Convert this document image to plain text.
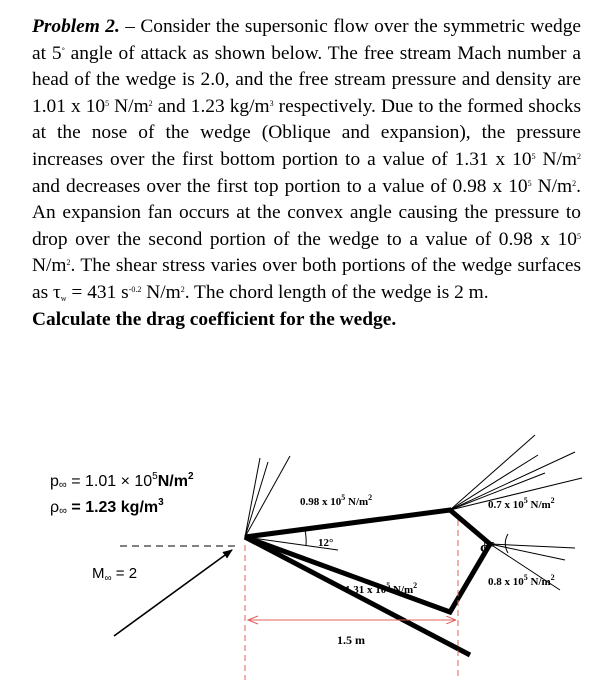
Problem 2. – Consider the supersonic flow over the symmetric wedge at 5° angle of attack as shown below. The free stream Mach number a head of the wedge is 2.0, and the free stream pressure and density are 1.01 x $10^5$ $N/m^2$ and 1.23 $kg/m^3$ respectively. Due to the formed shocks at the nose of the wedge (Oblique and expansion), the pressure increases over the first bottom portion to a value of 1.31 x $10^5$ $N/m^2$ and decreases over the first top portion to a value of 0.98 x $10^5$ $N/m^2$. An expansion fan occurs at the convex angle causing the pressure to drop over the second portion of the wedge to a value of 0.98 x $10^5$ $N/m^2$. The shear stress varies over both portions of the wedge surfaces as $\tau_w = 431$ $s^{-0.2}$ $N/m^2$. The chord length of the wedge is 2 m.
Calculate the drag coefficient for the wedge.
$p\infty = 1.01 \times 10^5N/m^2$
ρ∞ = 1.23 $kg/m^3$
$M_\infty = 2$
0.98 x $10^5$ $N/m^2$
0.7 x $10^5$ $N/m^2$
1.31 x $10^5$ $N/m^2$	0.8 x $10^5$ $N/m^2$
12°	ϕ°
1.5 m
